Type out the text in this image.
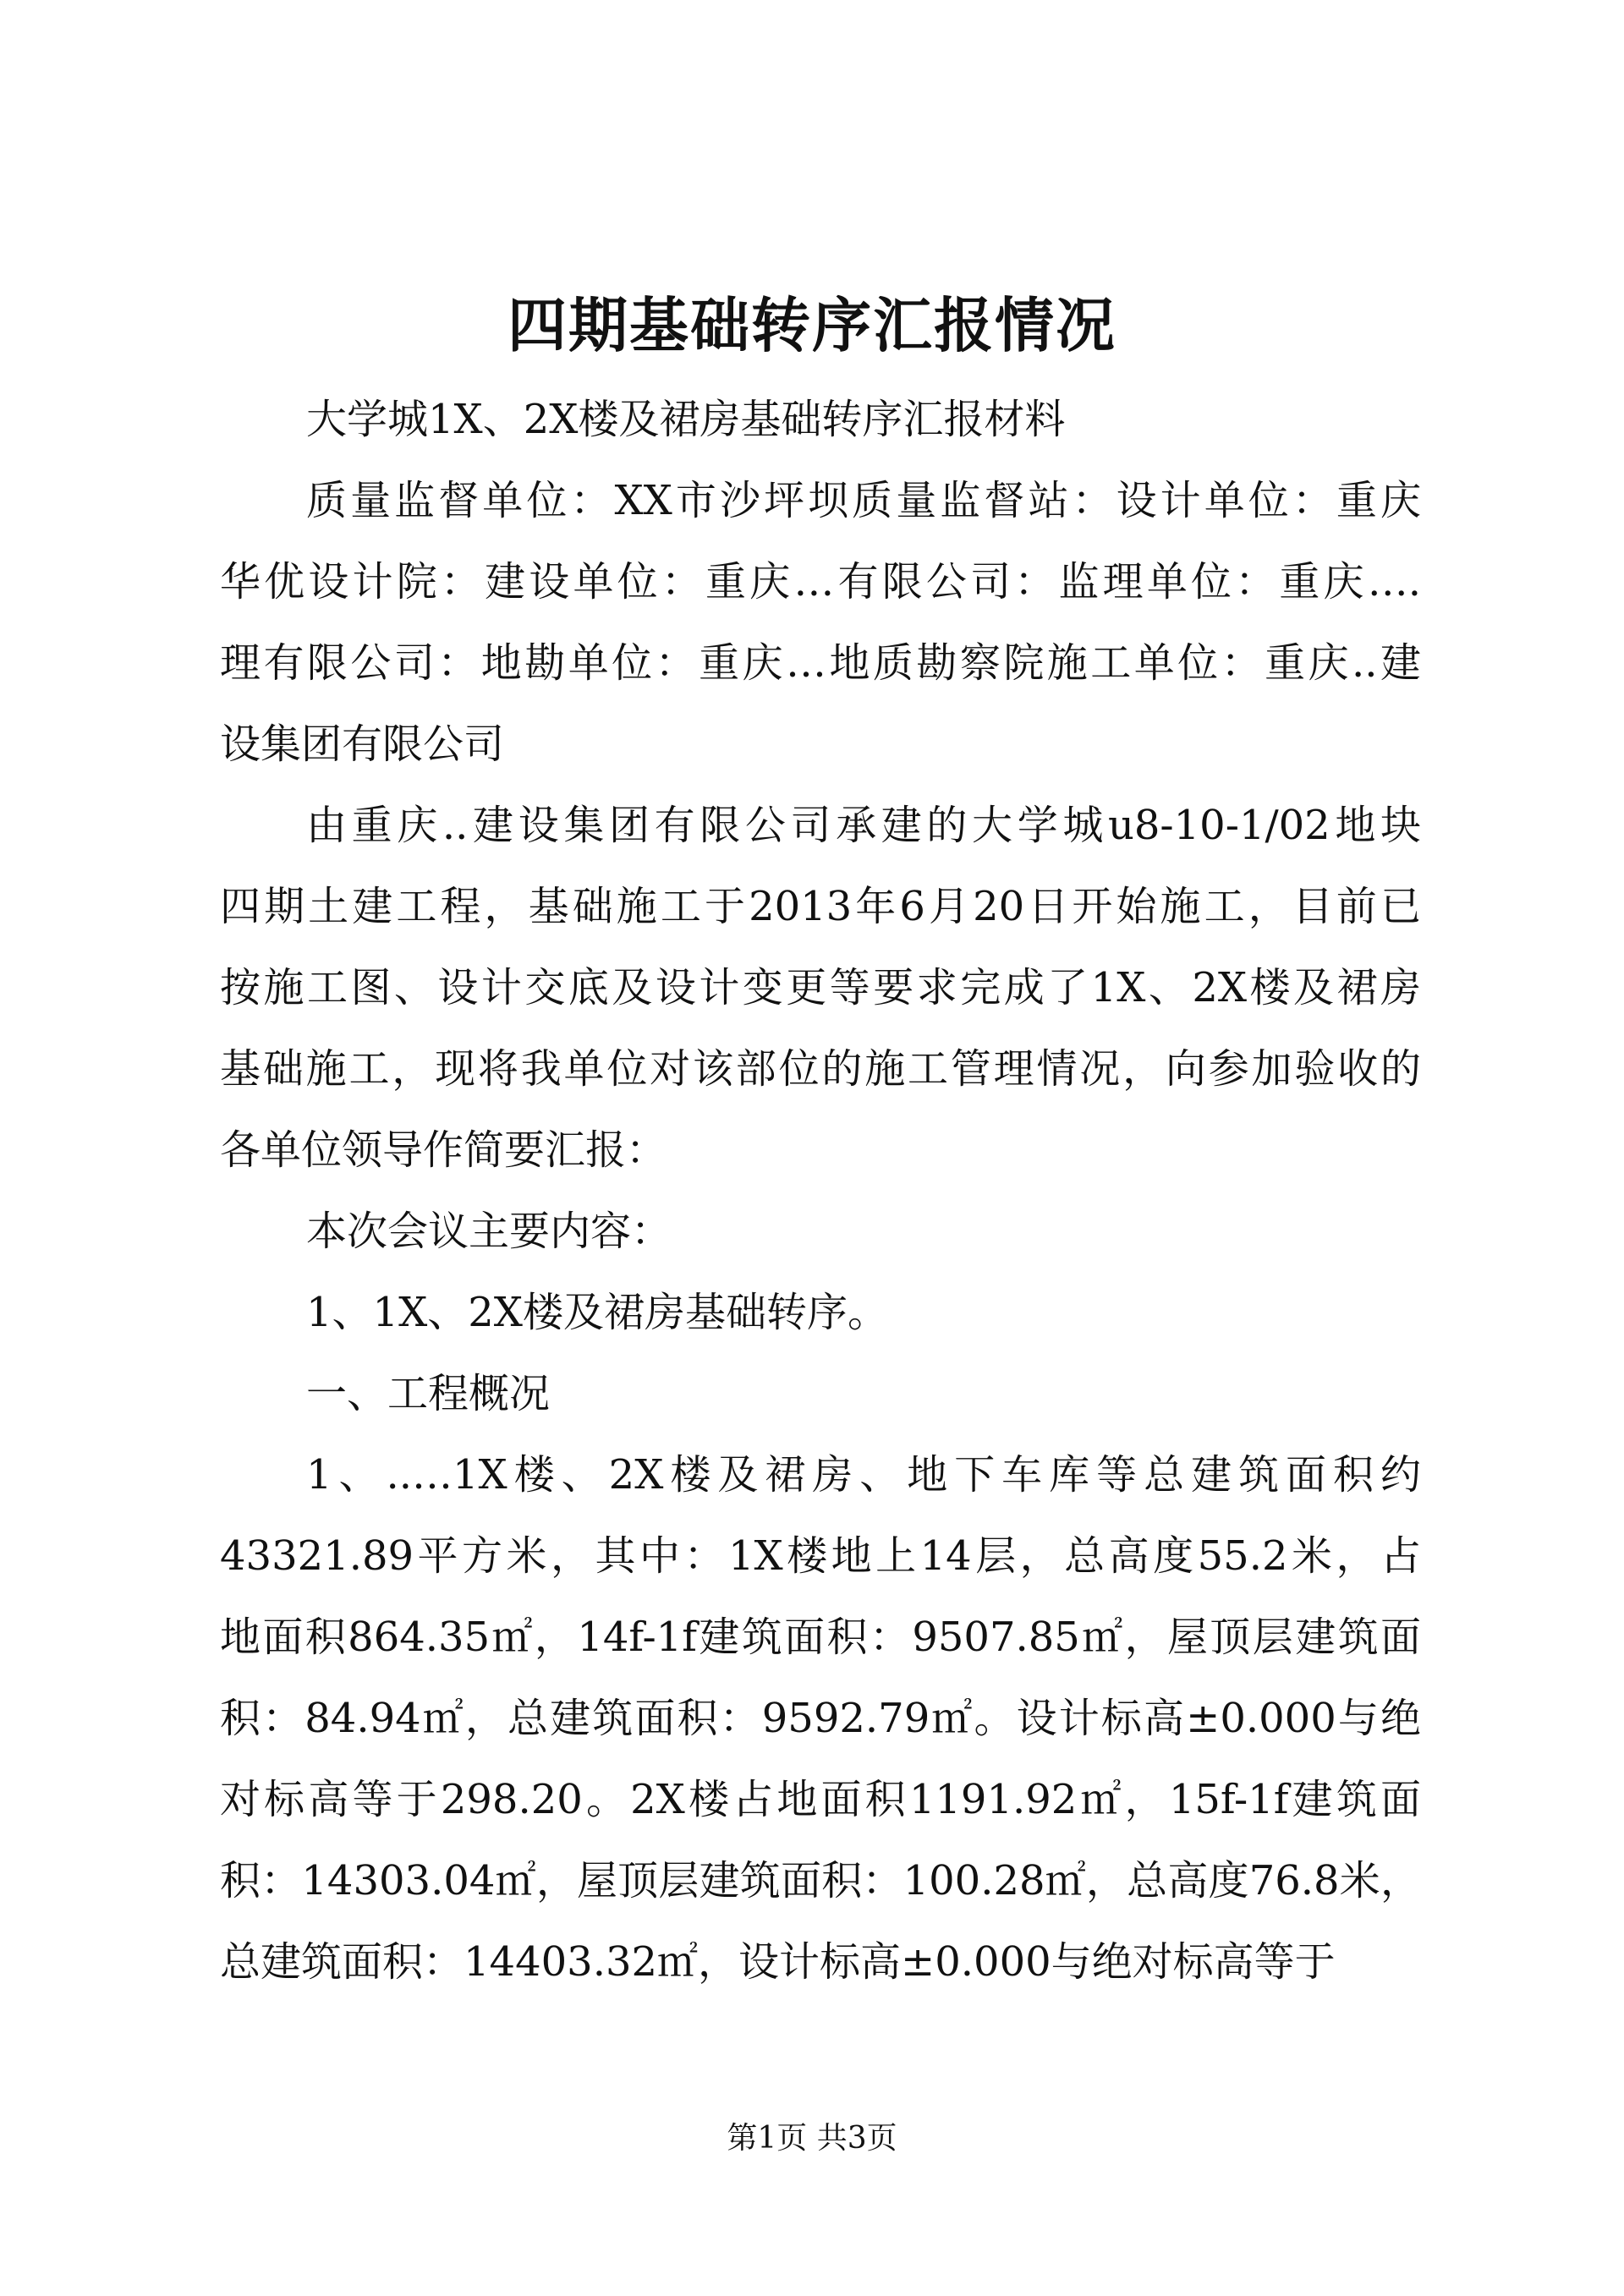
四期基础转序汇报情况
大学城1X、2X楼及裙房基础转序汇报材料
质量监督单位：XX市沙坪坝质量监督站：设计单位：重庆
华优设计院：建设单位：重庆…有限公司：监理单位：重庆….
理有限公司：地勘单位：重庆…地质勘察院施工单位：重庆..建
设集团有限公司
由重庆..建设集团有限公司承建的大学城u8-10-1/02地块
四期土建工程，基础施工于2013年6月20日开始施工，目前已
按施工图、设计交底及设计变更等要求完成了1X、2X楼及裙房
基础施工，现将我单位对该部位的施工管理情况，向参加验收的
各单位领导作简要汇报：
本次会议主要内容：
1、1X、2X楼及裙房基础转序。
一、工程概况
1、..…1X楼、2X楼及裙房、地下车库等总建筑面积约
43321.89平方米，其中：1X楼地上14层，总高度55.2米，占
地面积864.35㎡，14f-1f建筑面积：9507.85㎡，屋顶层建筑面
积：84.94㎡，总建筑面积：9592.79㎡。设计标高±0.000与绝
对标高等于298.20。2X楼占地面积1191.92㎡，15f-1f建筑面
积：14303.04㎡，屋顶层建筑面积：100.28㎡，总高度76.8米，
总建筑面积：14403.32㎡，设计标高±0.000与绝对标高等于
第1页 共3页
